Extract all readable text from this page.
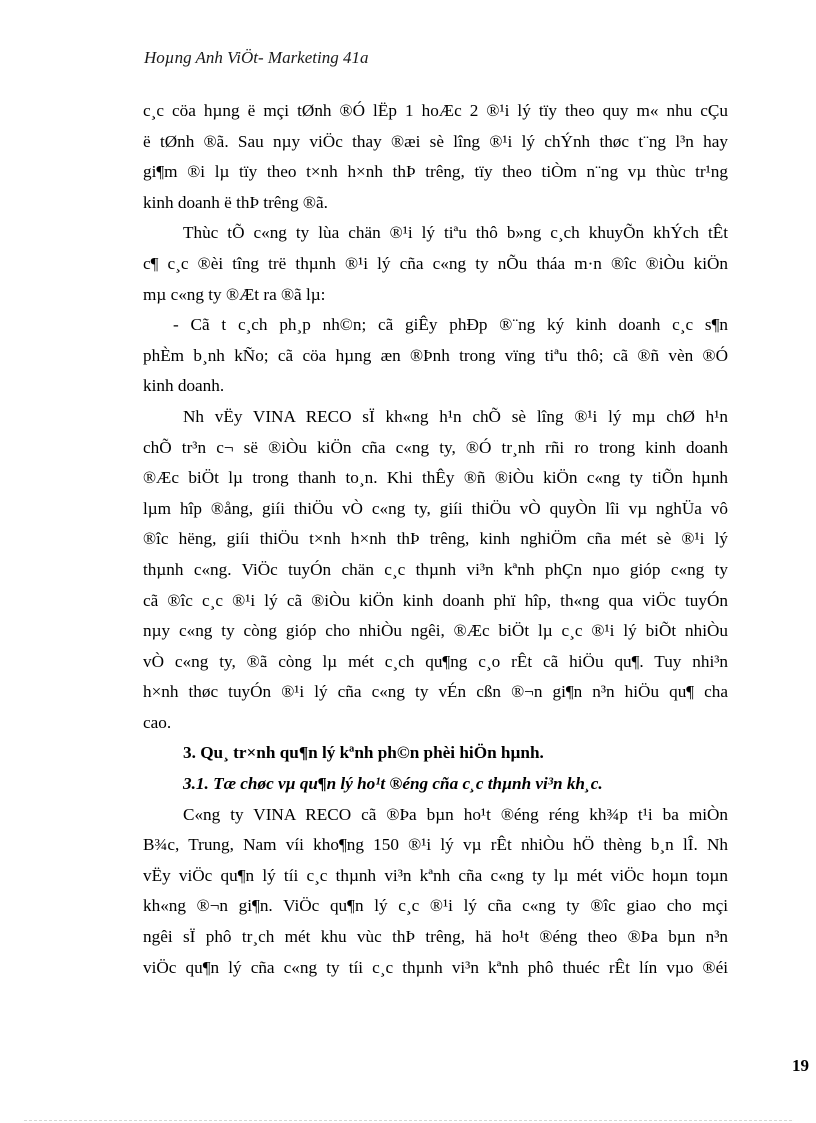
Hoµng Anh ViÖt- Marketing 41a
c¸c cöa hµng ë mçi tØnh ®Ó lËp 1 hoÆc 2 ®¹i lý tïy theo quy m« nhu cÇu
ë tØnh ®ã. Sau nµy viÖc thay ®æi sè lîng ®¹i lý chÝnh thøc t¨ng l³n hay
gi¶m ®i lµ tïy theo t×nh h×nh thÞ trêng, tïy theo tiÒm n¨ng vµ thùc tr¹ng
kinh doanh ë thÞ trêng ®ã.
Thùc tÕ c«ng ty lùa chän ®¹i lý tiªu thô b»ng c¸ch khuyÕn khÝch tÊt
c¶ c¸c ®èi tîng trë thµnh ®¹i lý cña c«ng ty nÕu tháa m·n ®îc ®iÒu kiÖn
mµ c«ng ty ®Æt ra ®ã lµ:
- Cã t c¸ch ph¸p nh©n; cã giÊy phÐp ®¨ng ký kinh doanh c¸c s¶n
phÈm b¸nh kÑo; cã cöa hµng æn ®Þnh trong vïng tiªu thô; cã ®ñ vèn ®Ó
kinh doanh.
Nh vËy VINA RECO sÏ kh«ng h¹n chÕ sè lîng ®¹i lý mµ chØ h¹n
chÕ tr³n c¬ së ®iÒu kiÖn cña c«ng ty, ®Ó tr¸nh rñi ro trong kinh doanh
®Æc biÖt lµ trong thanh to¸n. Khi thÊy ®ñ ®iÒu kiÖn c«ng ty tiÕn hµnh
lµm hîp ®ång, giíi thiÖu vÒ c«ng ty, giíi thiÖu vÒ quyÒn lîi vµ nghÜa vô
®îc hëng, giíi thiÖu t×nh h×nh thÞ trêng, kinh nghiÖm cña mét sè ®¹i lý
thµnh c«ng. ViÖc tuyÓn chän c¸c thµnh vi³n kªnh phÇn nµo gióp c«ng ty
cã ®îc c¸c ®¹i lý cã ®iÒu kiÖn kinh doanh phï hîp, th«ng qua viÖc tuyÓn
nµy c«ng ty còng gióp cho nhiÒu ngêi, ®Æc biÖt lµ c¸c ®¹i lý biÕt nhiÒu
vÒ c«ng ty, ®ã còng lµ mét c¸ch qu¶ng c¸o rÊt cã hiÖu qu¶. Tuy nhi³n
h×nh thøc tuyÓn ®¹i lý cña c«ng ty vÉn cßn ®¬n gi¶n n³n hiÖu qu¶ cha
cao.
3. Qu¸ tr×nh qu¶n lý kªnh ph©n phèi hiÖn hµnh.
3.1. Tæ chøc vµ qu¶n lý ho¹t ®éng cña c¸c thµnh vi³n kh¸c.
C«ng ty VINA RECO cã ®Þa bµn ho¹t ®éng réng kh¾p t¹i ba miÒn
B¾c, Trung, Nam víi kho¶ng 150 ®¹i lý vµ rÊt nhiÒu hÖ thèng b¸n lÎ. Nh
vËy viÖc qu¶n lý tíi c¸c thµnh vi³n kªnh cña c«ng ty lµ mét viÖc hoµn toµn
kh«ng ®¬n gi¶n. ViÖc qu¶n lý c¸c ®¹i lý cña c«ng ty ®îc giao cho mçi
ngêi sÏ phô tr¸ch mét khu vùc thÞ trêng, hä ho¹t ®éng theo ®Þa bµn n³n
viÖc qu¶n lý cña c«ng ty tíi c¸c thµnh vi³n kªnh phô thuéc rÊt lín vµo ®éi
19
